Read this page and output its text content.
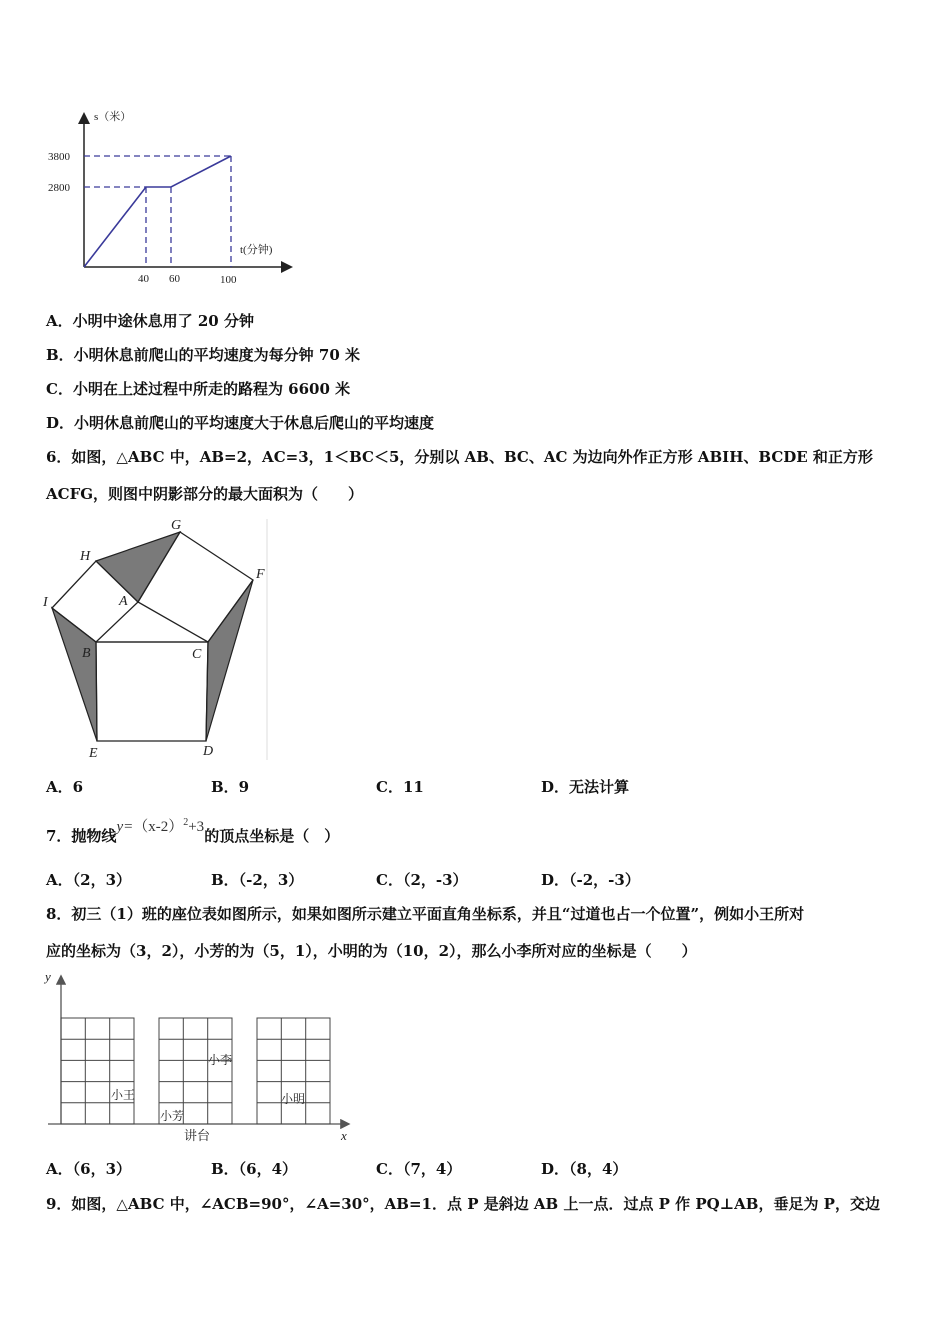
s（米）
t(分钟)
3800
2800
40 60	100
A．小明中途休息用了 20 分钟
B．小明休息前爬山的平均速度为每分钟 70 米
C．小明在上述过程中所走的路程为 6600 米
D．小明休息前爬山的平均速度大于休息后爬山的平均速度
6．如图，△ABC 中，AB=2，AC=3，1＜BC＜5，分别以 AB、BC、AC 为边向外作正方形 ABIH、BCDE 和正方形
ACFG，则图中阴影部分的最大面积为（　　）
G
H
F
I	A
B	C
E	D
A．6	B．9	C．11	D．无法计算
7．抛物线$y=(x-2)^2+3$的顶点坐标是（　）
A．（2，3）	B．（-2，3）	C．（2，-3）	D．（-2，-3）
8．初三（1）班的座位表如图所示，如果如图所示建立平面直角坐标系，并且“过道也占一个位置”，例如小王所对
应的坐标为（3，2），小芳的为（5，1），小明的为（10，2），那么小李所对应的坐标是（　　）
y
x
小王
小芳
小李
小明
讲台
A．（6，3）	B．（6，4）	C．（7，4）	D．（8，4）
9．如图，△ABC 中，∠ACB=90°，∠A=30°，AB=1．点 P 是斜边 AB 上一点．过点 P 作 PQ⊥AB，垂足为 P，交边
